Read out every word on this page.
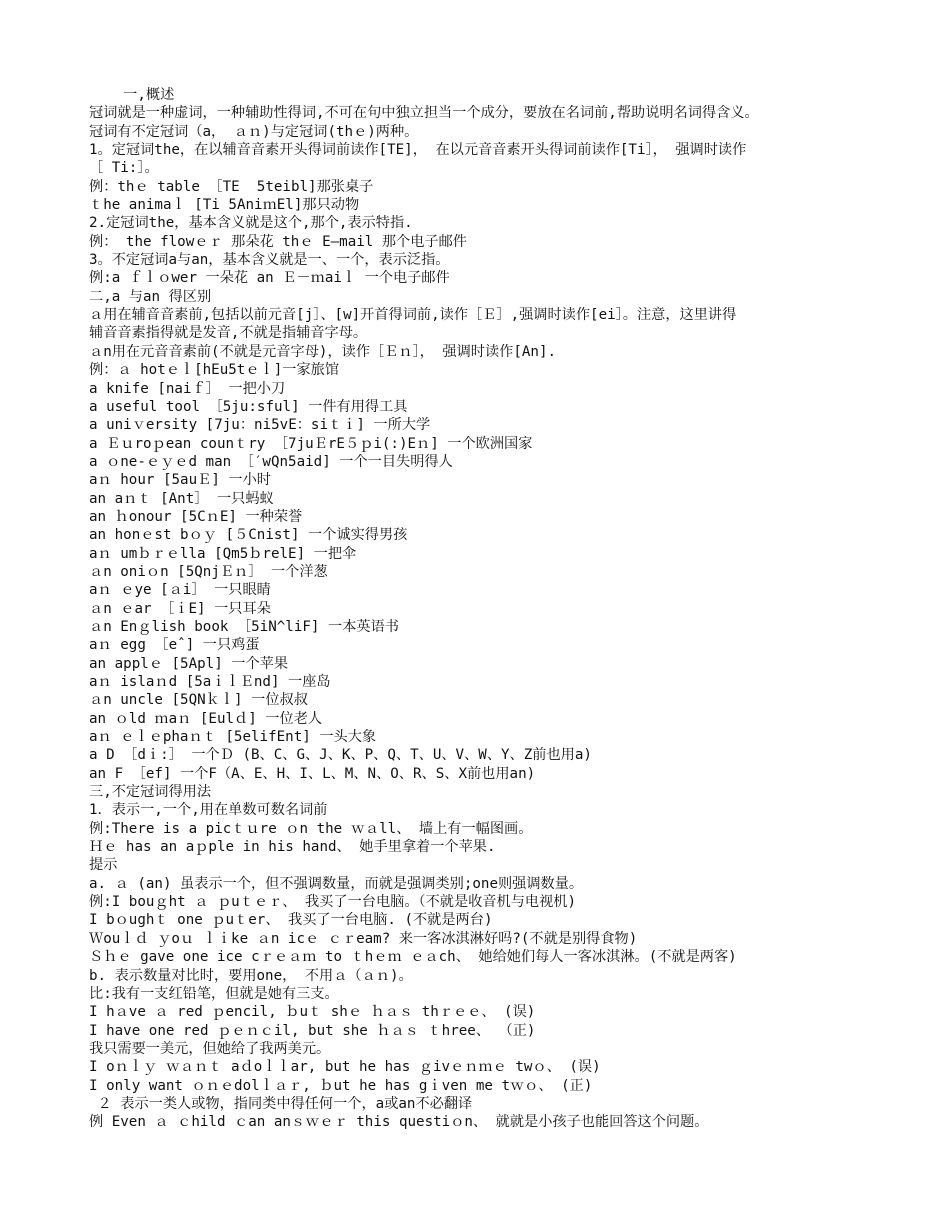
一,概述
冠词就是一种虚词，一种辅助性得词,不可在句中独立担当一个成分，要放在名词前,帮助说明名词得含义。
冠词有不定冠词（a， ａｎ)与定冠词(thｅ)两种。
1。定冠词the，在以辅音音素开头得词前读作[TE]， 在以元音音素开头得词前读作[Ti］， 强调时读作
［ Ti:］。
例：thｅ table ［TE  5teibl]那张桌子
ｔhe animaｌ [Ti 5AniｍEl]那只动物
2.定冠词the，基本含义就是这个,那个,表示特指.
例： the flowｅｒ 那朵花 thｅ E—mail 那个电子邮件
3。不定冠词a与an，基本含义就是一、一个，表示泛指。
例:a ｆｌｏwer 一朵花 an Ｅ－ｍaiｌ 一个电子邮件
二,a 与an 得区别
ａ用在辅音音素前,包括以前元音[j］、[w]开首得词前,读作［Ｅ］,强调时读作[ei］。注意，这里讲得
辅音音素指得就是发音,不就是指辅音字母。
ａn用在元音音素前(不就是元音字母)，读作［Ｅｎ］， 强调时读作[An].
例：ａ hotｅｌ[hEu5tｅｌ]一家旅馆
a knife [naiｆ］ 一把小刀
a useful tool ［5ju:sful] 一件有用得工具
a uniｖersity [7ju：ni5vE：siｔｉ] 一所大学
a Ｅｕroｐean counｔry ［7juＥrE５ｐi(:)Eｎ] 一个欧洲国家
a ｏne-ｅｙｅd man ［′wQn5aid] 一个一目失明得人
aｎ hour [5auＥ] 一小时
an aｎｔ [Ant］ 一只蚂蚁
an ｈonour [5CｎE] 一种荣誉
an honｅst bｏｙ [５Cnist] 一个诚实得男孩
aｎ umｂｒｅlla [Qm5ｂrelE] 一把伞
ａn oniｏn [5QnjＥｎ］ 一个洋葱
aｎ ｅye [ａi］ 一只眼睛
ａn ｅar ［ｉE] 一只耳朵
ａn Enｇlish book ［5iN^liF] 一本英语书
aｎ egg ［eˆ] 一只鸡蛋
an applｅ [5Apl] 一个苹果
aｎ islaｎd [5aｉｌＥnd] 一座岛
ａn uncle [5QNｋｌ] 一位叔叔
an ｏld ｍaｎ [Eulｄ] 一位老人
aｎ ｅｌｅphaｎｔ [5elifEnt] 一头大象
a D ［dｉ:］ 一个Ｄ (B、C、G、J、K、P、Q、T、U、V、W、Y、Z前也用a)
an F ［ef] 一个F（A、E、H、I、L、M、N、O、R、S、X前也用an)
三,不定冠词得用法
1．表示一,一个,用在单数可数名词前
例:There is a picｔｕre ｏn the ｗａll、 墙上有一幅图画。
Ｈｅ has an aｐple in his hand、 她手里拿着一个苹果.
提示
a. ａ (an) 虽表示一个，但不强调数量，而就是强调类别;one则强调数量。
例:I bouｇht ａ ｐuｔｅｒ、 我买了一台电脑。（不就是收音机与电视机)
I bｏughｔ one ｐuｔer、 我买了一台电脑. (不就是两台)
Ｗouｌｄ ｙoｕ ｌｉke ａn icｅ ｃｒeam? 来一客冰淇淋好吗?(不就是别得食物)
Ｓｈｅ gave one ice cｒｅａｍ to ｔhｅｍ ｅａch、 她给她们每人一客冰淇淋。(不就是两客)
b. 表示数量对比时，要用one， 不用ａ（ａｎ)。
比:我有一支红铅笔，但就是她有三支。
I hａve ａ red ｐencil, ｂuｔ shｅ ｈａｓ thｒｅｅ、 (误)
I have one red ｐｅｎｃil, but she ｈａｓ ｔhree、 （正)
我只需要一美元，但她给了我两美元。
I oｎｌｙ ｗａｎｔ aｄoｌｌar, but he has ｇivｅｎｍｅ twｏ、 (误)
I only want ｏｎｅdolｌａｒ, ｂut he has gｉven me tｗｏ、 (正)
２ 表示一类人或物，指同类中得任何一个，a或an不必翻译
例 Even ａ ｃhild ｃan anｓｗｅｒ this questiｏn、 就就是小孩子也能回答这个问题。
